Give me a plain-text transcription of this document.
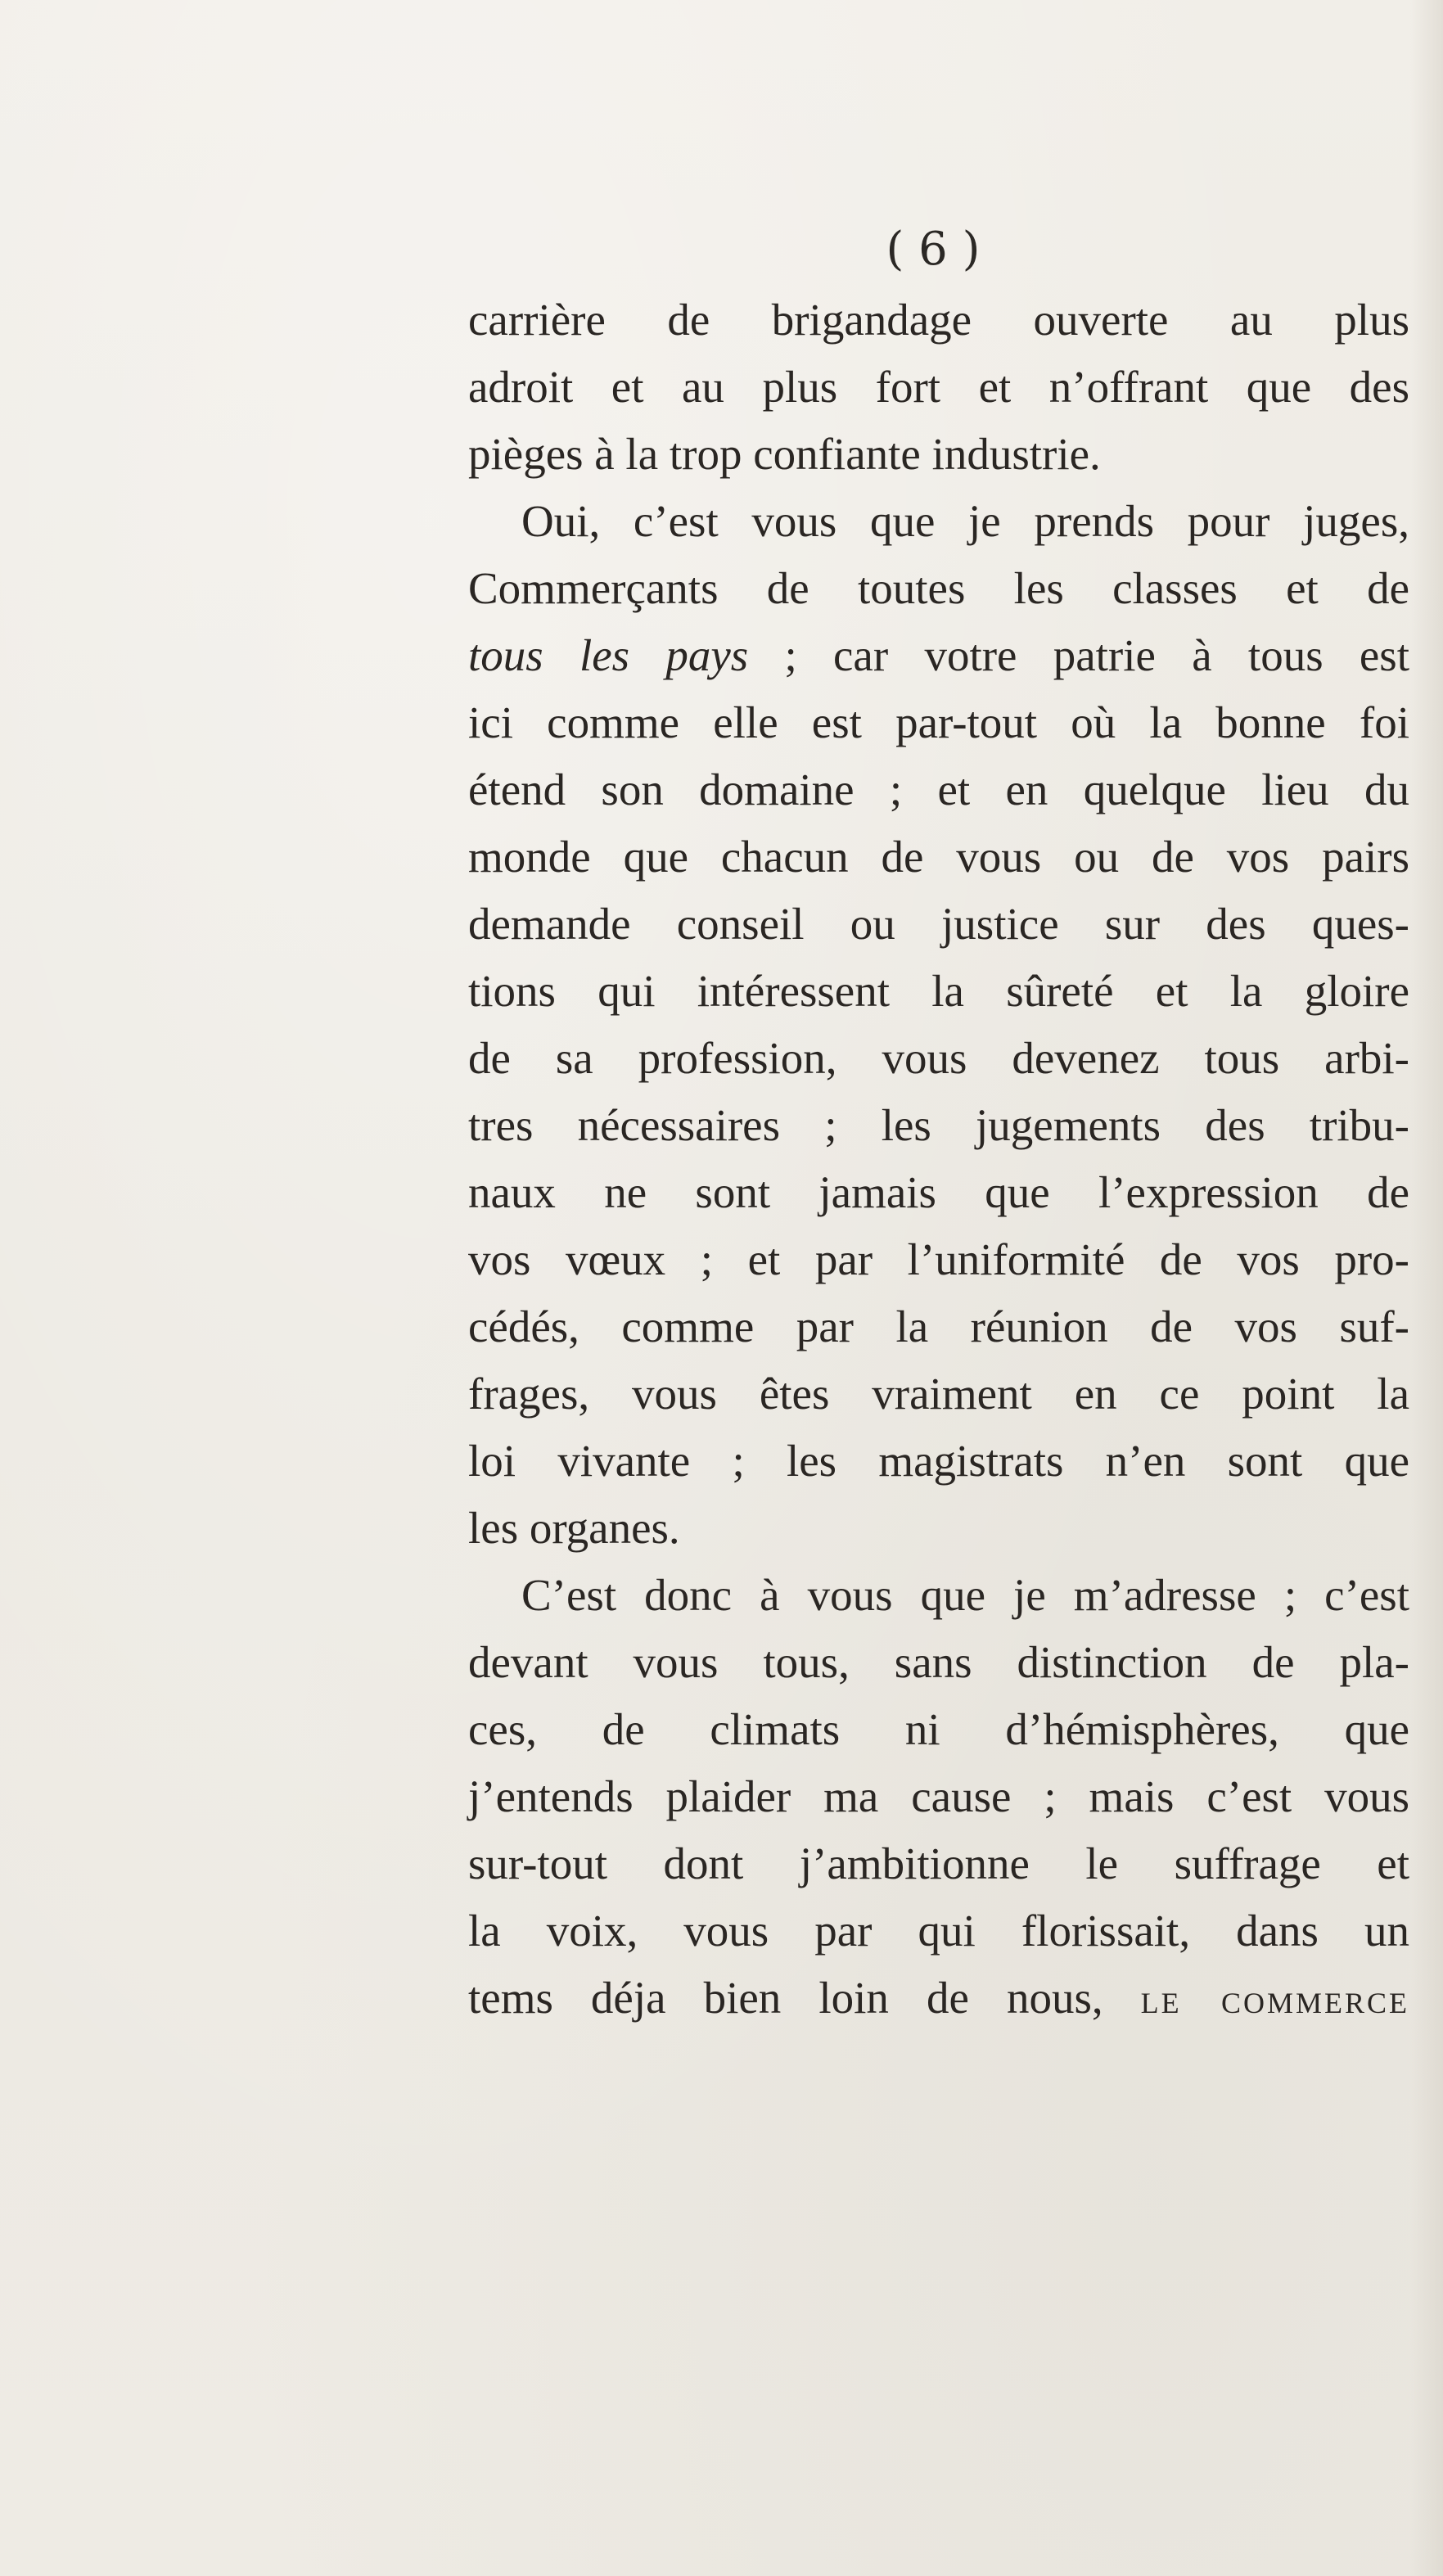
( 6 )
carrière de brigandage ouverte au plus
adroit et au plus fort et n’offrant que des
pièges à la trop confiante industrie.
Oui, c’est vous que je prends pour juges,
Commerçants de toutes les classes et de
tous les pays ; car votre patrie à tous est
ici comme elle est par-tout où la bonne foi
étend son domaine ; et en quelque lieu du
monde que chacun de vous ou de vos pairs
demande conseil ou justice sur des ques-
tions qui intéressent la sûreté et la gloire
de sa profession, vous devenez tous arbi-
tres nécessaires ; les jugements des tribu-
naux ne sont jamais que l’expression de
vos vœux ; et par l’uniformité de vos pro-
cédés, comme par la réunion de vos suf-
frages, vous êtes vraiment en ce point la
loi vivante ; les magistrats n’en sont que
les organes.
C’est donc à vous que je m’adresse ; c’est
devant vous tous, sans distinction de pla-
ces, de climats ni d’hémisphères, que
j’entends plaider ma cause ; mais c’est vous
sur-tout dont j’ambitionne le suffrage et
la voix, vous par qui florissait, dans un
tems déja bien loin de nous, le commerce
